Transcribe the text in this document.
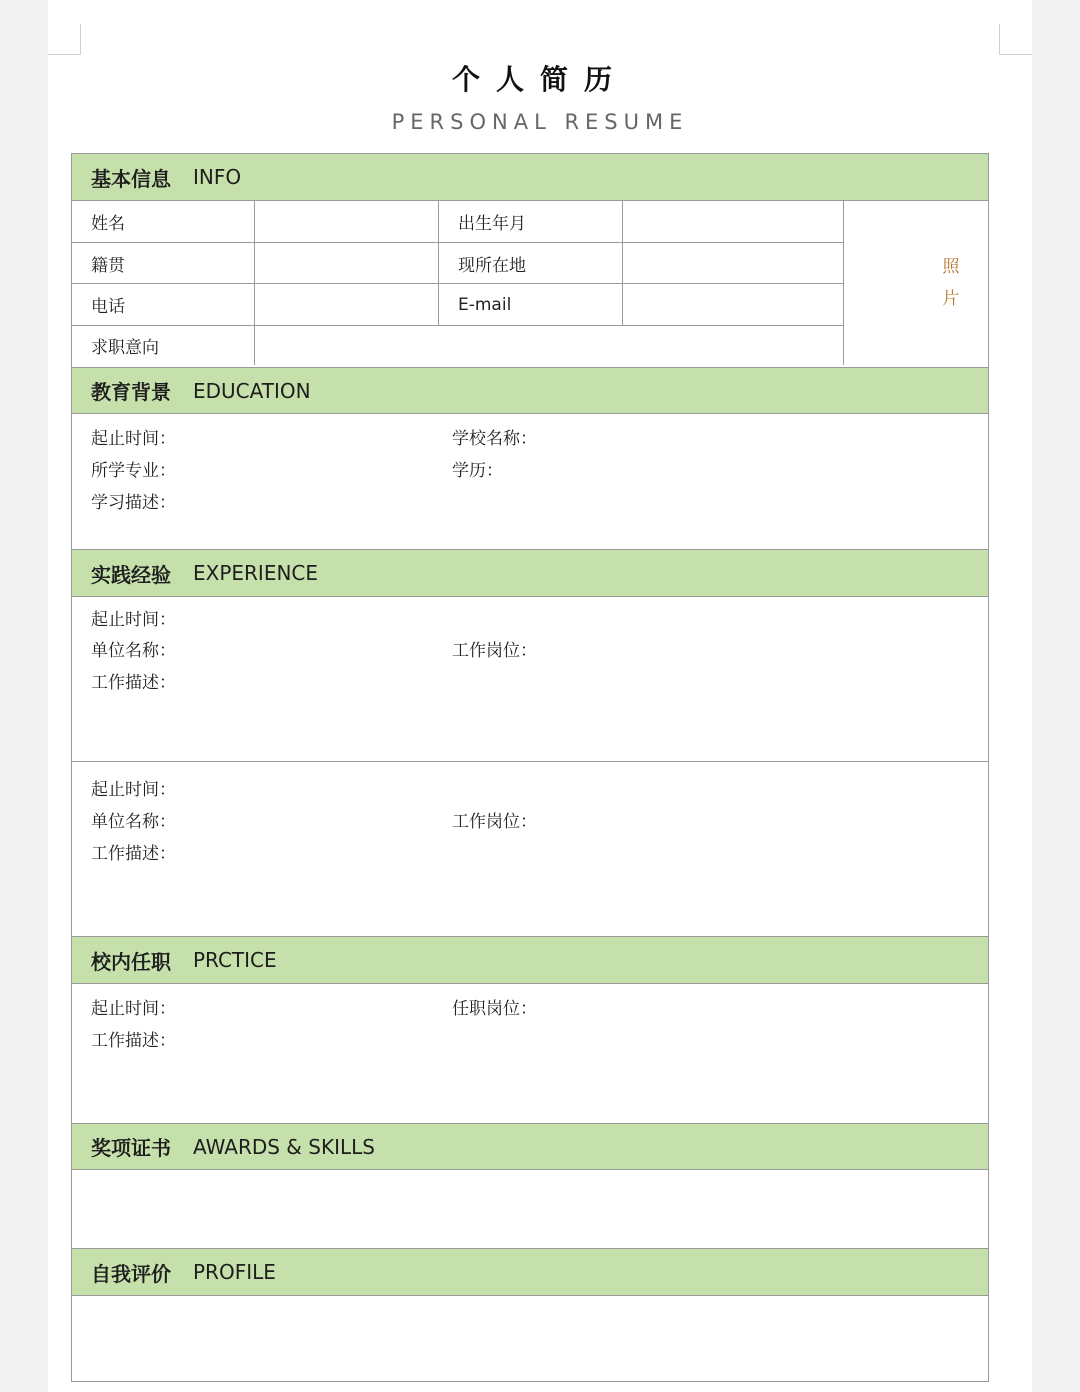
个人简历
PERSONAL RESUME
基本信息 INFO
姓名	出生年月
籍贯	现所在地
电话	E-mail
求职意向
照
片
教育背景 EDUCATION
起止时间：	学校名称：
所学专业：	学历：
学习描述：
实践经验 EXPERIENCE
起止时间：
单位名称：	工作岗位：
工作描述：
起止时间：
单位名称：	工作岗位：
工作描述：
校内任职 PRCTICE
起止时间：	任职岗位：
工作描述：
奖项证书 AWARDS & SKILLS
自我评价 PROFILE
